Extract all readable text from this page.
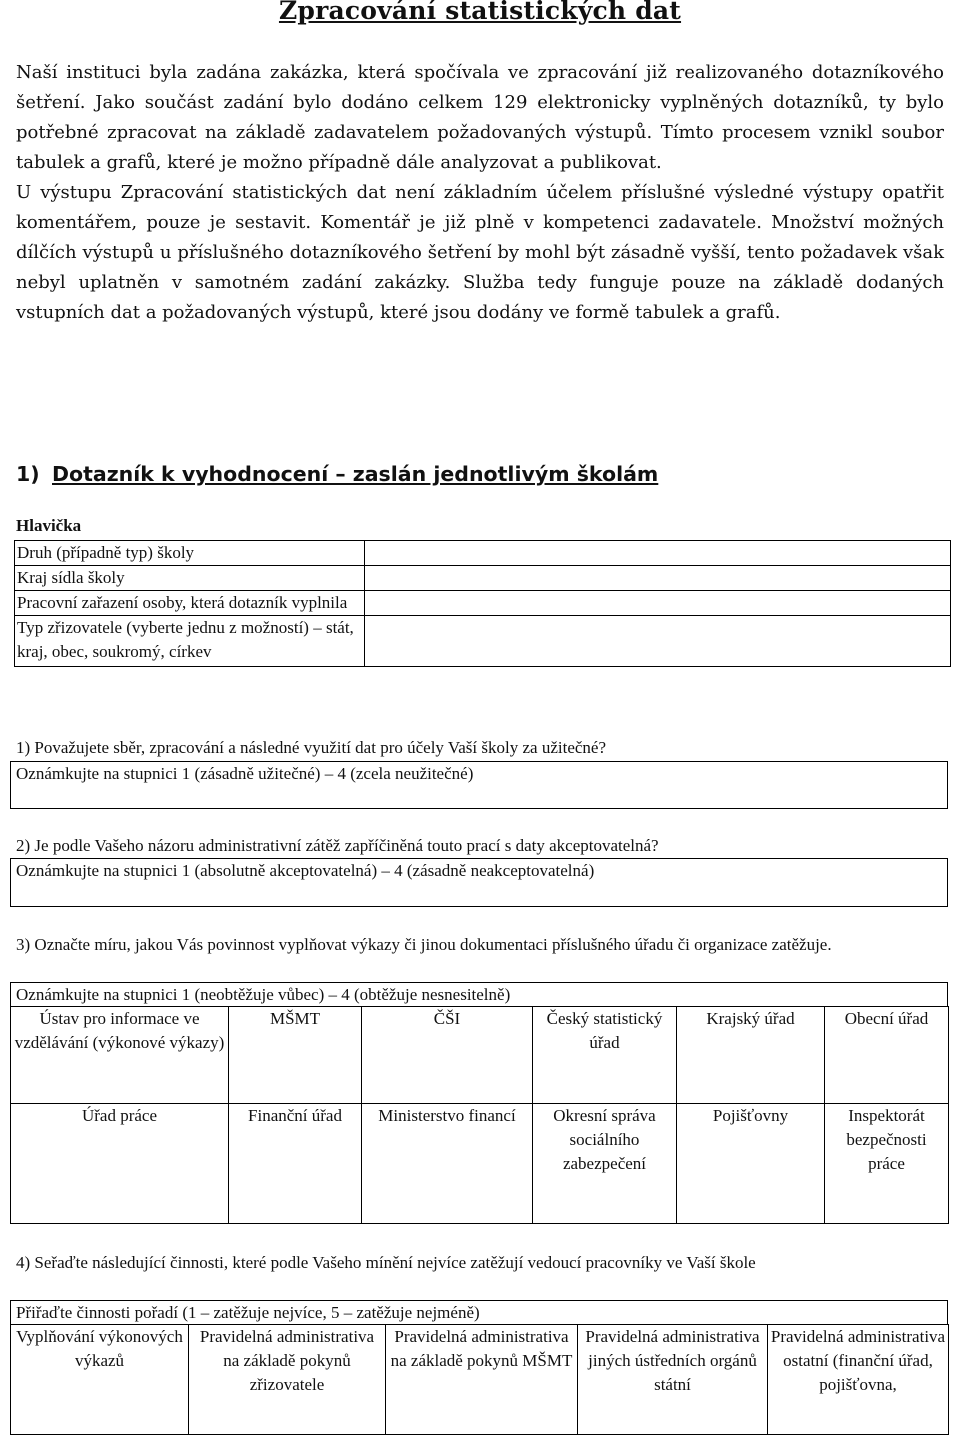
Zpracování statistických dat

Naší instituci byla zadána zakázka, která spočívala ve zpracování již realizovaného dotazníkového šetření. Jako součást zadání bylo dodáno celkem 129 elektronicky vyplněných dotazníků, ty bylo potřebné zpracovat na základě zadavatelem požadovaných výstupů. Tímto procesem vznikl soubor tabulek a grafů, které je možno případně dále analyzovat a publikovat.

U výstupu Zpracování statistických dat není základním účelem příslušné výsledné výstupy opatřit komentářem, pouze je sestavit. Komentář je již plně v kompetenci zadavatele. Množství možných dílčích výstupů u příslušného dotazníkového šetření by mohl být zásadně vyšší, tento požadavek však nebyl uplatněn v samotném zadání zakázky. Služba tedy funguje pouze na základě dodaných vstupních dat a požadovaných výstupů, které jsou dodány ve formě tabulek a grafů.

1) Dotazník k vyhodnocení – zaslán jednotlivým školám
Hlavička
Druh (případně typ) školy	
Kraj sídla školy	
Pracovní zařazení osoby, která dotazník vyplnila	
Typ zřizovatele (vyberte jednu z možností) – stát, kraj, obec, soukromý, církev	
1) Považujete sběr, zpracování a následné využití dat pro účely Vaší školy za užitečné?
Oznámkujte na stupnici 1 (zásadně užitečné) – 4 (zcela neužitečné)
2) Je podle Vašeho názoru administrativní zátěž zapříčiněná touto prací s daty akceptovatelná?
Oznámkujte na stupnici 1 (absolutně akceptovatelná) – 4 (zásadně neakceptovatelná)
3) Označte míru, jakou Vás povinnost vyplňovat výkazy či jinou dokumentaci příslušného úřadu či organizace zatěžuje.
Oznámkujte na stupnici 1 (neobtěžuje vůbec) – 4 (obtěžuje nesnesitelně)
Ústav pro informace ve vzdělávání (výkonové výkazy)	MŠMT	ČŠI	Český statistický úřad	Krajský úřad	Obecní úřad
Úřad práce	Finanční úřad	Ministerstvo financí	Okresní správa sociálního zabezpečení	Pojišťovny	Inspektorát bezpečnosti práce
4) Seřaďte následující činnosti, které podle Vašeho mínění nejvíce zatěžují vedoucí pracovníky ve Vaší škole
Přiřaďte činnosti pořadí (1 – zatěžuje nejvíce, 5 – zatěžuje nejméně)
Vyplňování výkonových výkazů	Pravidelná administrativa na základě pokynů zřizovatele	Pravidelná administrativa na základě pokynů MŠMT	Pravidelná administrativa jiných ústředních orgánů státní	Pravidelná administrativa ostatní (finanční úřad, pojišťovna,
